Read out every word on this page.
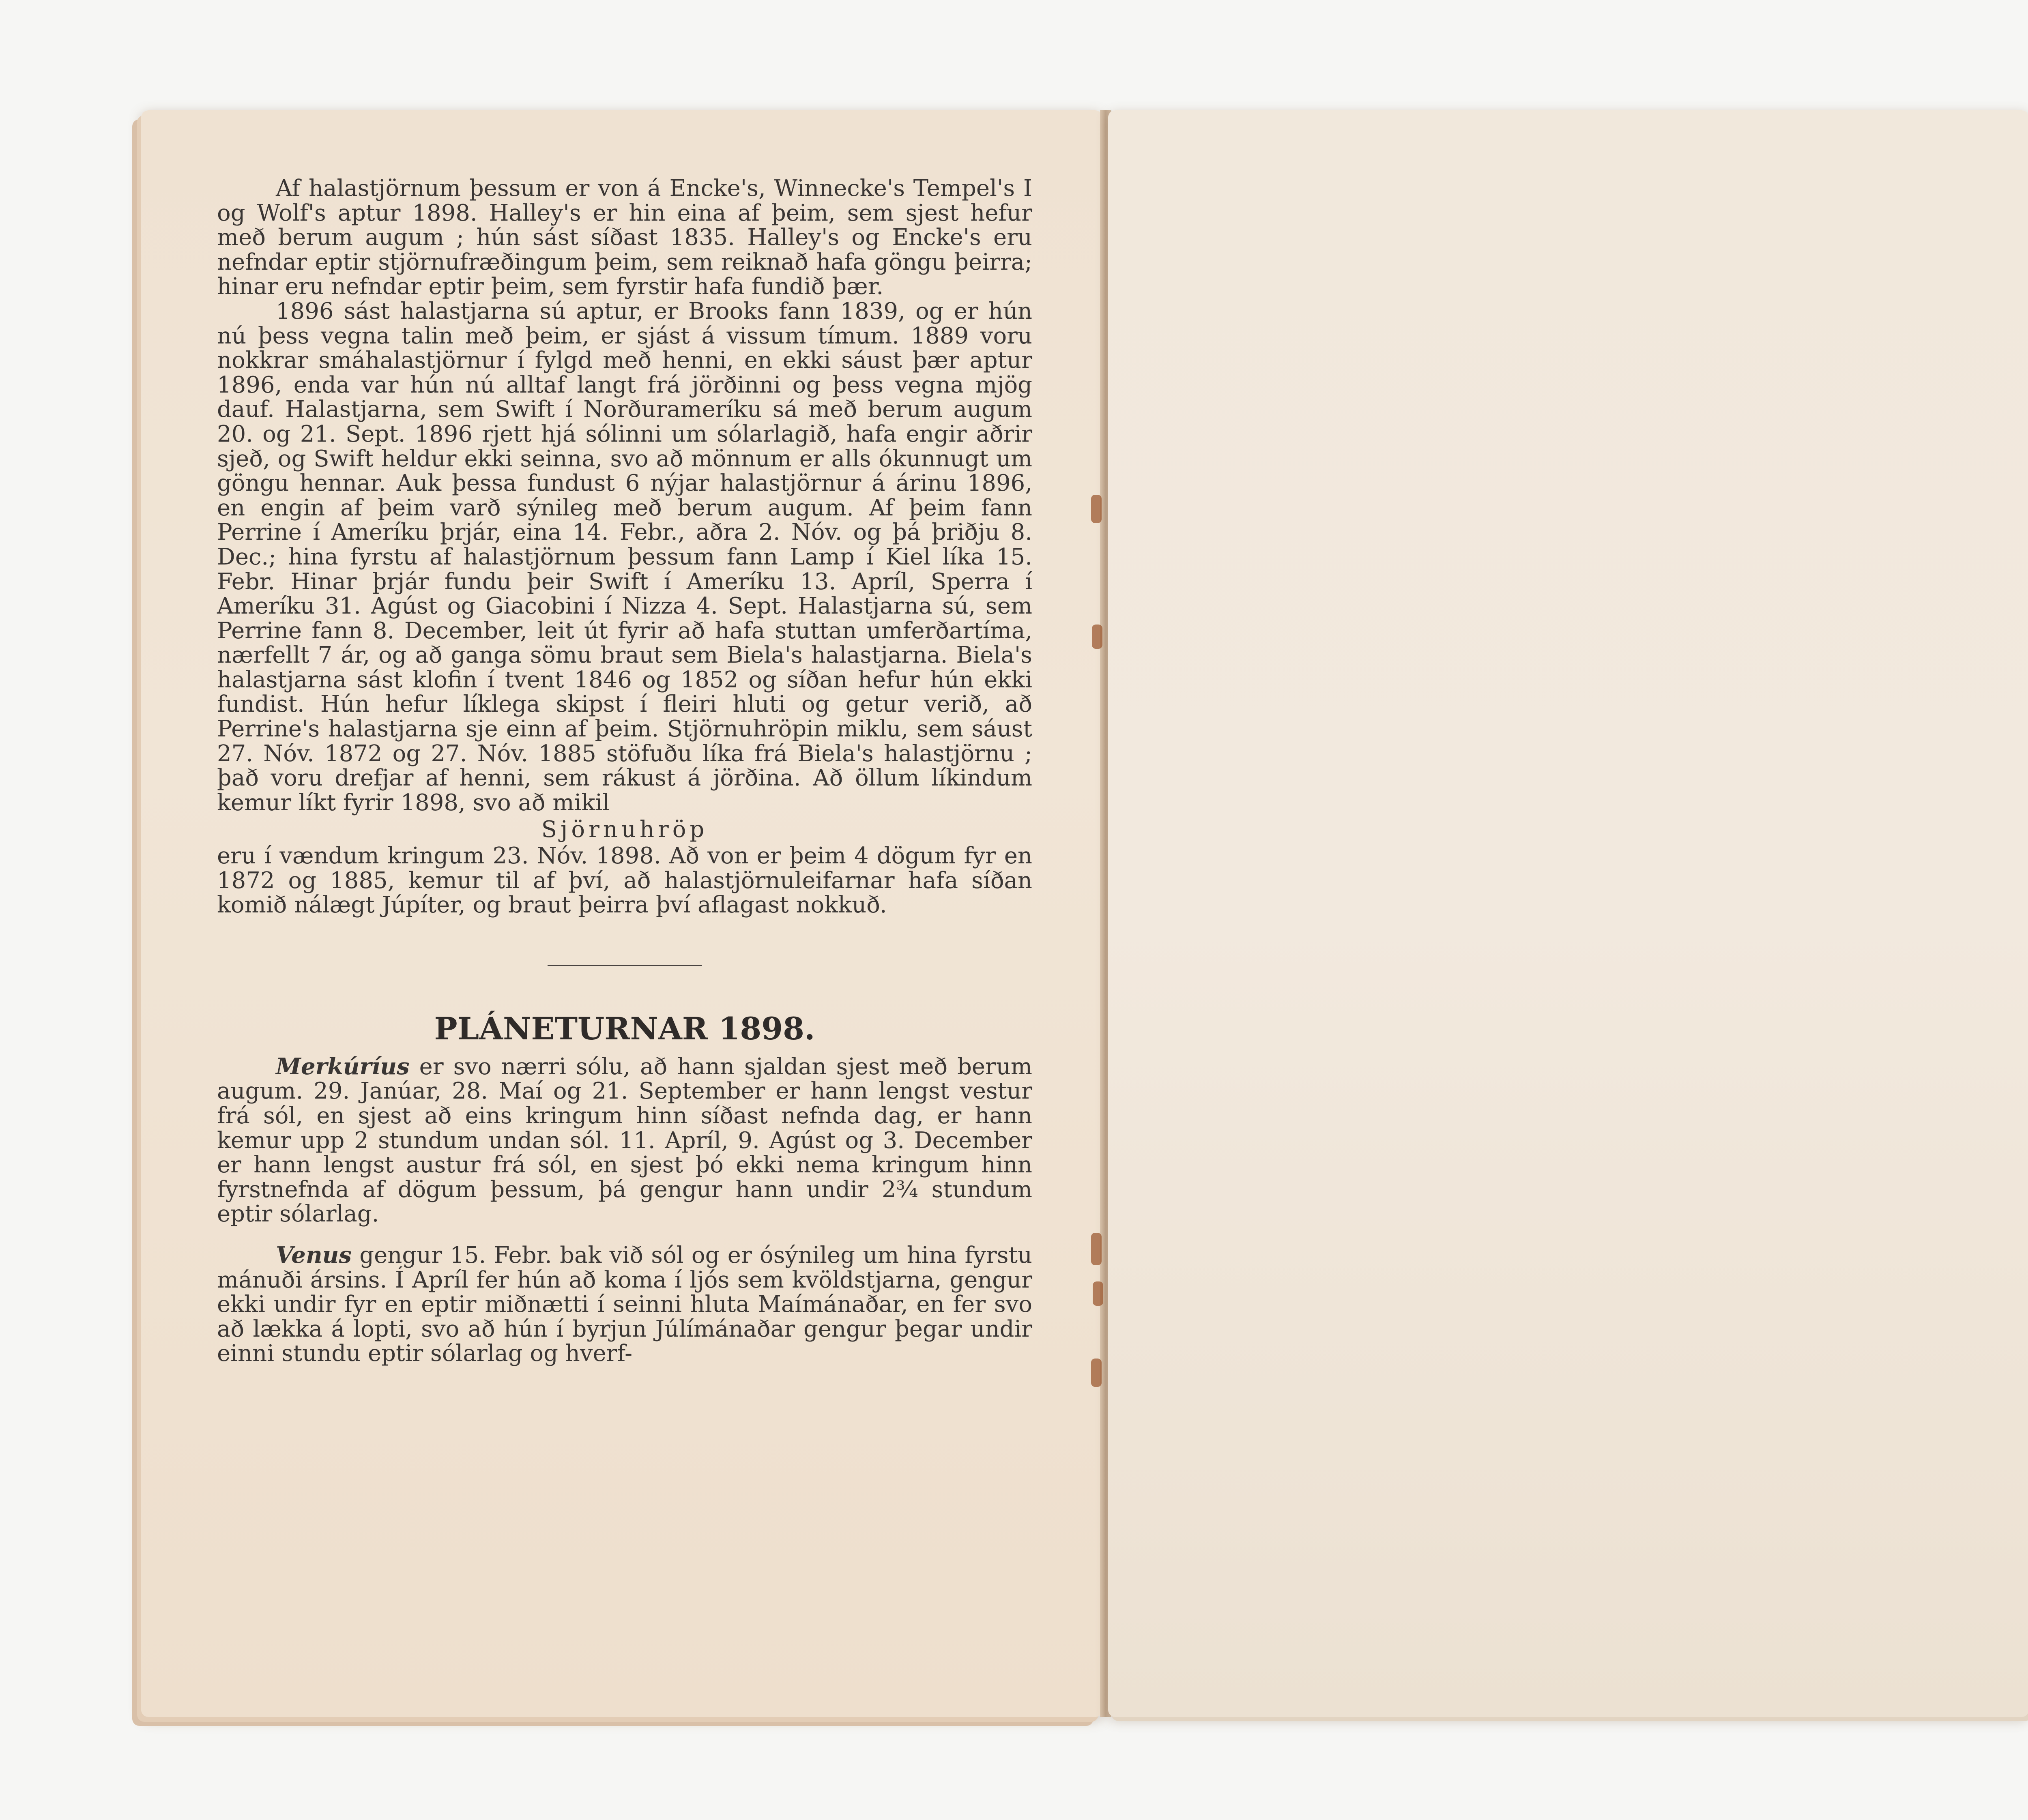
Af halastjörnum þessum er von á Encke's, Winnecke's Tempel's I og Wolf's aptur 1898. Halley's er hin eina af þeim, sem sjest hefur með berum augum ; hún sást síðast 1835. Halley's og Encke's eru nefndar eptir stjörnufræðingum þeim, sem reiknað hafa göngu þeirra; hinar eru nefndar eptir þeim, sem fyrstir hafa fundið þær.

1896 sást halastjarna sú aptur, er Brooks fann 1839, og er hún nú þess vegna talin með þeim, er sjást á vissum tímum. 1889 voru nokkrar smáhalastjörnur í fylgd með henni, en ekki sáust þær aptur 1896, enda var hún nú alltaf langt frá jörðinni og þess vegna mjög dauf. Halastjarna, sem Swift í Norðurameríku sá með berum augum 20. og 21. Sept. 1896 rjett hjá sólinni um sólarlagið, hafa engir aðrir sjeð, og Swift heldur ekki seinna, svo að mönnum er alls ókunnugt um göngu hennar. Auk þessa fundust 6 nýjar halastjörnur á árinu 1896, en engin af þeim varð sýnileg með berum augum. Af þeim fann Perrine í Ameríku þrjár, eina 14. Febr., aðra 2. Nóv. og þá þriðju 8. Dec.; hina fyrstu af halastjörnum þessum fann Lamp í Kiel líka 15. Febr. Hinar þrjár fundu þeir Swift í Ameríku 13. Apríl, Sperra í Ameríku 31. Agúst og Giacobini í Nizza 4. Sept. Halastjarna sú, sem Perrine fann 8. December, leit út fyrir að hafa stuttan umferðartíma, nærfellt 7 ár, og að ganga sömu braut sem Biela's halastjarna. Biela's halastjarna sást klofin í tvent 1846 og 1852 og síðan hefur hún ekki fundist. Hún hefur líklega skipst í fleiri hluti og getur verið, að Perrine's halastjarna sje einn af þeim. Stjörnuhröpin miklu, sem sáust 27. Nóv. 1872 og 27. Nóv. 1885 stöfuðu líka frá Biela's halastjörnu ; það voru drefjar af henni, sem rákust á jörðina. Að öllum líkindum kemur líkt fyrir 1898, svo að mikil

Sjörnuhröp

eru í vændum kringum 23. Nóv. 1898. Að von er þeim 4 dögum fyr en 1872 og 1885, kemur til af því, að halastjörnuleifarnar hafa síðan komið nálægt Júpíter, og braut þeirra því aflagast nokkuð.

PLÁNETURNAR 1898.

Merkúríus er svo nærri sólu, að hann sjaldan sjest með berum augum. 29. Janúar, 28. Maí og 21. September er hann lengst vestur frá sól, en sjest að eins kringum hinn síðast nefnda dag, er hann kemur upp 2 stundum undan sól. 11. Apríl, 9. Agúst og 3. December er hann lengst austur frá sól, en sjest þó ekki nema kringum hinn fyrstnefnda af dögum þessum, þá gengur hann undir 2¾ stundum eptir sólarlag.

Venus gengur 15. Febr. bak við sól og er ósýnileg um hina fyrstu mánuði ársins. Í Apríl fer hún að koma í ljós sem kvöldstjarna, gengur ekki undir fyr en eptir miðnætti í seinni hluta Maímánaðar, en fer svo að lækka á lopti, svo að hún í byrjun Júlímánaðar gengur þegar undir einni stundu eptir sólarlag og hverf-
